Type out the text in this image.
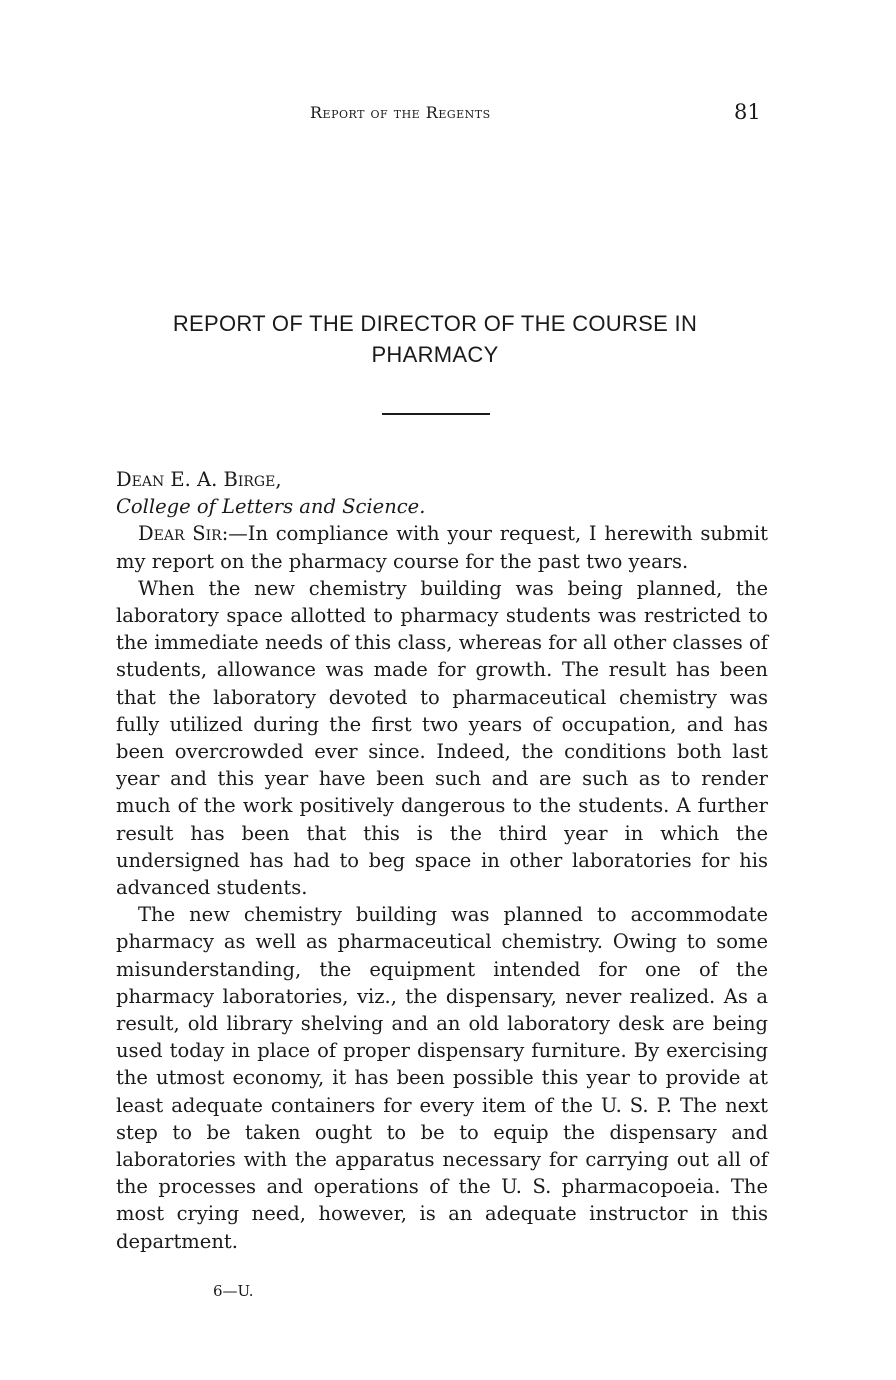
Report of the Regents	81
REPORT OF THE DIRECTOR OF THE COURSE IN
PHARMACY

Dean E. A. Birge,

College of Letters and Science.

Dear Sir:—In compliance with your request, I herewith submit my report on the pharmacy course for the past two years.

When the new chemistry building was being planned, the laboratory space allotted to pharmacy students was restricted to the immediate needs of this class, whereas for all other classes of students, allowance was made for growth. The result has been that the laboratory devoted to pharmaceutical chemistry was fully utilized during the first two years of occupation, and has been overcrowded ever since. Indeed, the conditions both last year and this year have been such and are such as to render much of the work positively dangerous to the students. A further result has been that this is the third year in which the undersigned has had to beg space in other laboratories for his advanced students.

The new chemistry building was planned to accommodate pharmacy as well as pharmaceutical chemistry. Owing to some misunderstanding, the equipment intended for one of the pharmacy laboratories, viz., the dispensary, never realized. As a result, old library shelving and an old laboratory desk are being used today in place of proper dispensary furniture. By exercising the utmost economy, it has been possible this year to provide at least adequate containers for every item of the U. S. P. The next step to be taken ought to be to equip the dispensary and laboratories with the apparatus necessary for carrying out all of the processes and operations of the U. S. pharmacopoeia. The most crying need, however, is an adequate instructor in this department.

6—U.
